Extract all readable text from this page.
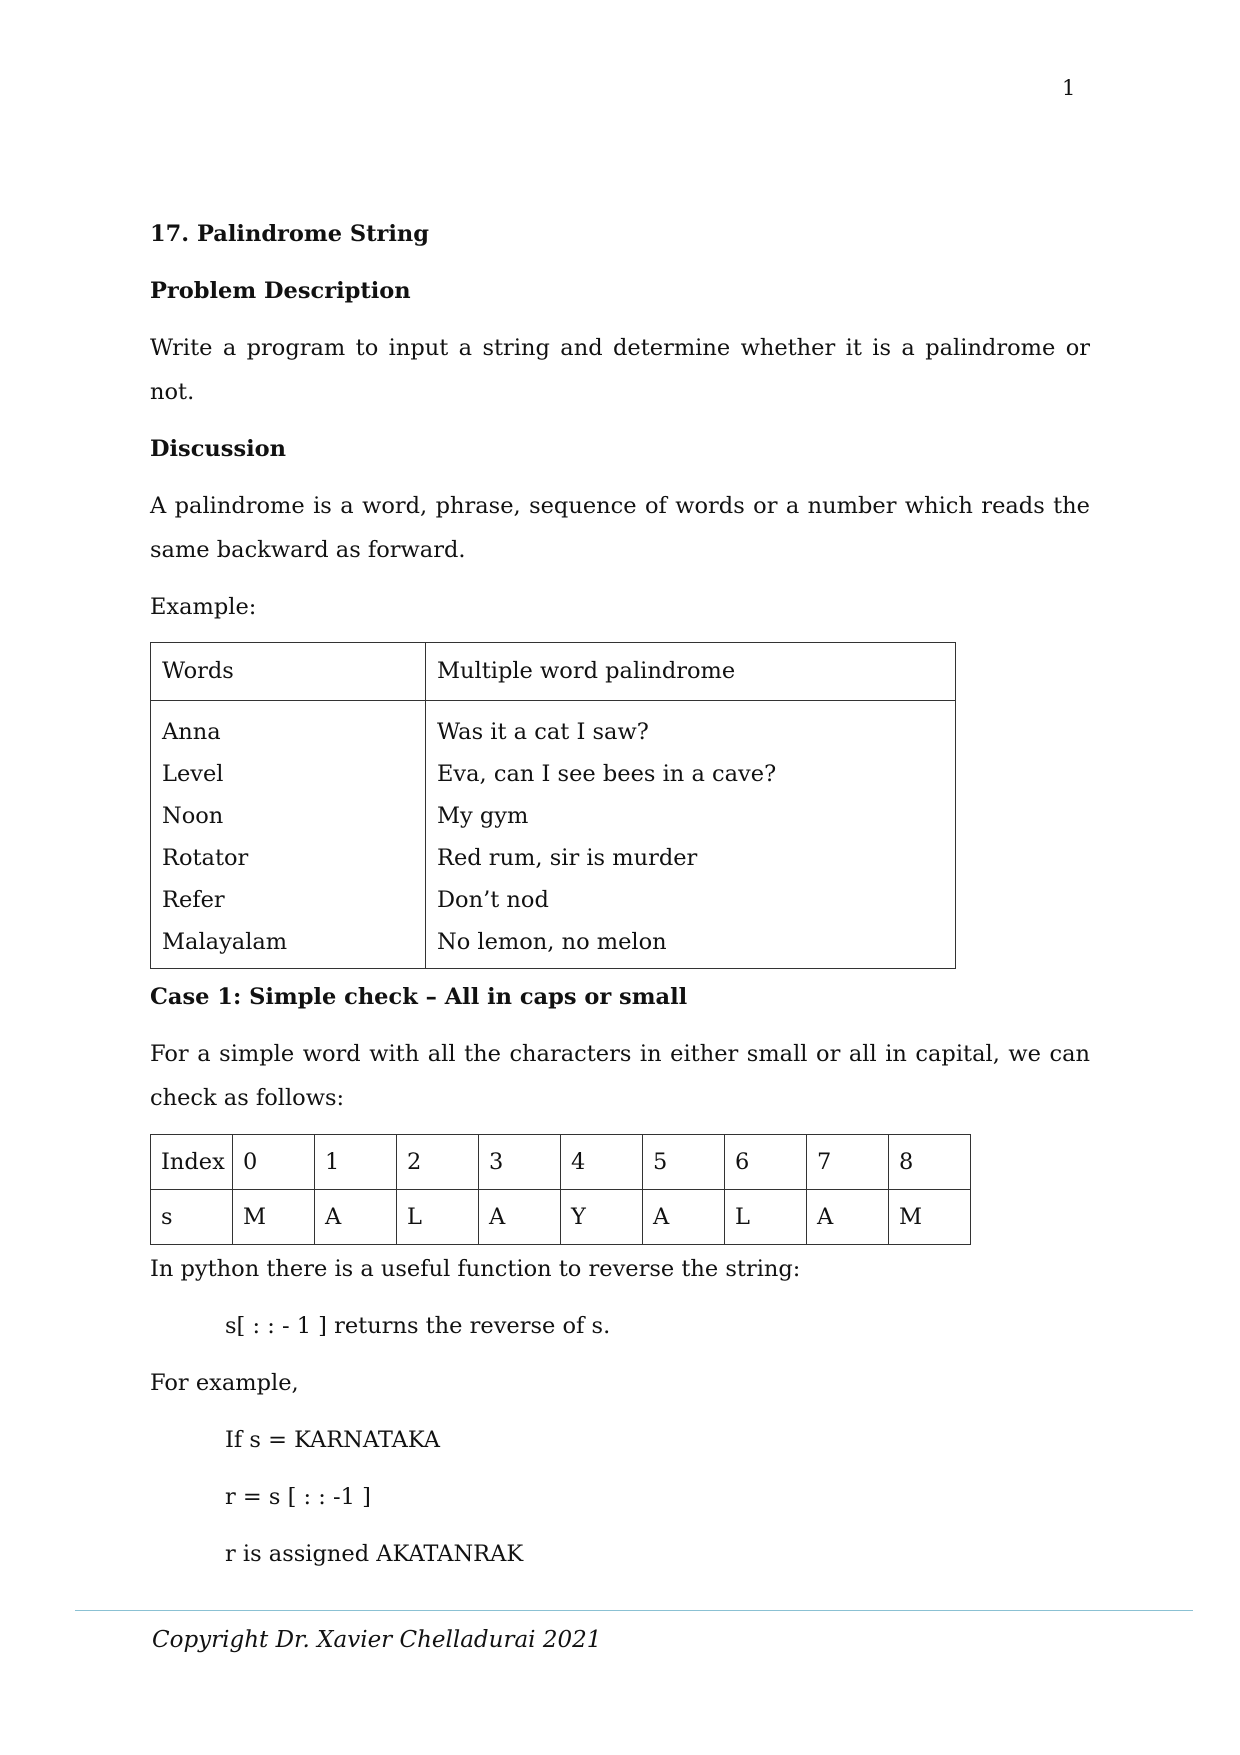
1

17. Palindrome String

Problem Description

Write a program to input a string and determine whether it is a palindrome or not.

Discussion

A palindrome is a word, phrase, sequence of words or a number which reads the same backward as forward.

Example:

Words	Multiple word palindrome
Anna	Was it a cat I saw?
Level	Eva, can I see bees in a cave?
Noon	My gym
Rotator	Red rum, sir is murder
Refer	Don’t nod
Malayalam	No lemon, no melon

Case 1: Simple check – All in caps or small

For a simple word with all the characters in either small or all in capital, we can check as follows:

Index	0	1	2	3	4	5	6	7	8
s	M	A	L	A	Y	A	L	A	M

In python there is a useful function to reverse the string:

s[ : : - 1 ] returns the reverse of s.

For example,

If s = KARNATAKA

r = s [ : : -1 ]

r is assigned AKATANRAK

Copyright Dr. Xavier Chelladurai 2021
